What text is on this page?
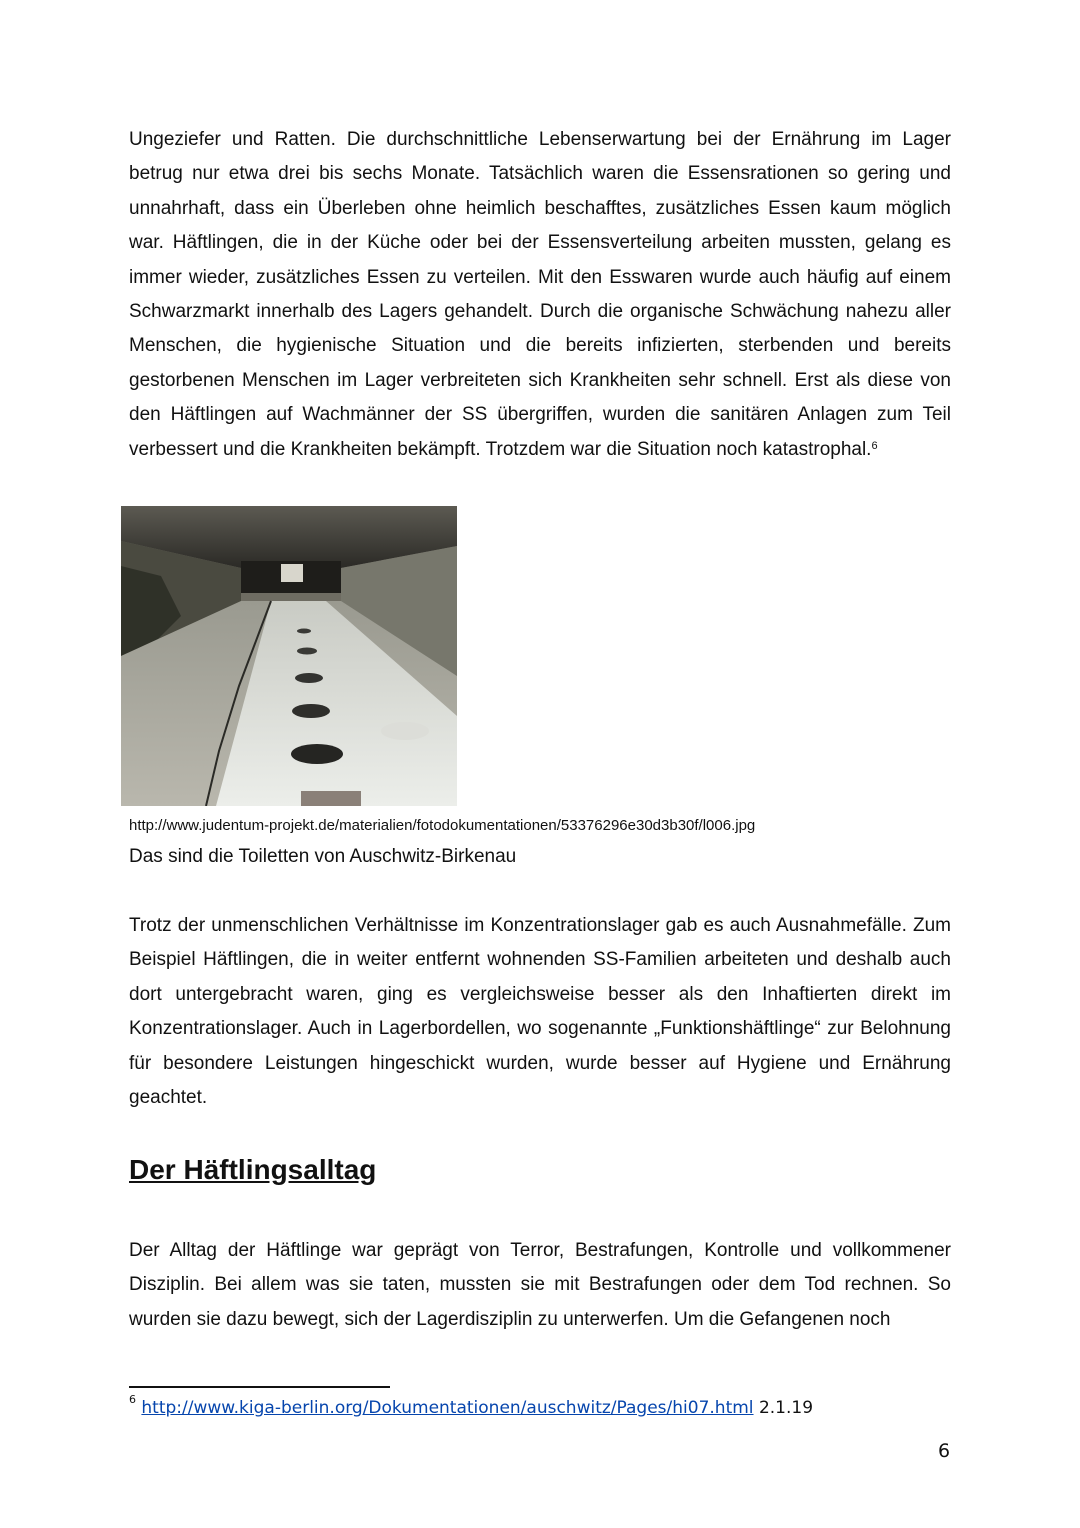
Ungeziefer und Ratten. Die durchschnittliche Lebenserwartung bei der Ernährung im Lager betrug nur etwa drei bis sechs Monate. Tatsächlich waren die Essensrationen so gering und unnahrhaft, dass ein Überleben ohne heimlich beschafftes, zusätzliches Essen kaum möglich war. Häftlingen, die in der Küche oder bei der Essensverteilung arbeiten mussten, gelang es immer wieder, zusätzliches Essen zu verteilen. Mit den Esswaren wurde auch häufig auf einem Schwarzmarkt innerhalb des Lagers gehandelt. Durch die organische Schwächung nahezu aller Menschen, die hygienische Situation und die bereits infizierten, sterbenden und bereits gestorbenen Menschen im Lager verbreiteten sich Krankheiten sehr schnell. Erst als diese von den Häftlingen auf Wachmänner der SS übergriffen, wurden die sanitären Anlagen zum Teil verbessert und die Krankheiten bekämpft. Trotzdem war die Situation noch katastrophal.$^6$

http://www.judentum-projekt.de/materialien/fotodokumentationen/53376296e30d3b30f/l006.jpg

Das sind die Toiletten von Auschwitz-Birkenau

Trotz der unmenschlichen Verhältnisse im Konzentrationslager gab es auch Ausnahmefälle. Zum Beispiel Häftlingen, die in weiter entfernt wohnenden SS-Familien arbeiteten und deshalb auch dort untergebracht waren, ging es vergleichsweise besser als den Inhaftierten direkt im Konzentrationslager. Auch in Lagerbordellen, wo sogenannte „Funktionshäftlinge“ zur Belohnung für besondere Leistungen hingeschickt wurden, wurde besser auf Hygiene und Ernährung geachtet.

Der Häftlingsalltag

Der Alltag der Häftlinge war geprägt von Terror, Bestrafungen, Kontrolle und vollkommener Disziplin. Bei allem was sie taten, mussten sie mit Bestrafungen oder dem Tod rechnen. So wurden sie dazu bewegt, sich der Lagerdisziplin zu unterwerfen. Um die Gefangenen noch

$^6$ http://www.kiga-berlin.org/Dokumentationen/auschwitz/Pages/hi07.html 2.1.19

6
